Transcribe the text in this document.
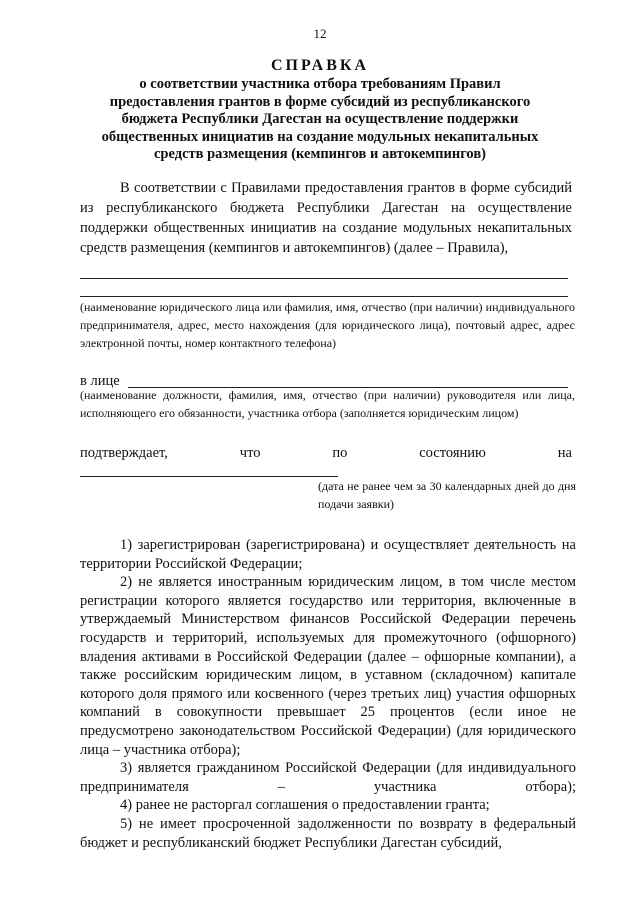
12
СПРАВКА
о соответствии участника отбора требованиям Правил
предоставления грантов в форме субсидий из республиканского
бюджета Республики Дагестан на осуществление поддержки
общественных инициатив на создание модульных некапитальных
средств размещения (кемпингов и автокемпингов)
В соответствии с Правилами предоставления грантов в форме субсидий из республиканского бюджета Республики Дагестан на осуществление поддержки общественных инициатив на создание модульных некапитальных средств размещения (кемпингов и автокемпингов) (далее – Правила),
(наименование юридического лица или фамилия, имя, отчество (при наличии) индивидуального предпринимателя, адрес, место нахождения (для юридического лица), почтовый адрес, адрес электронной почты, номер контактного телефона)
в лице
(наименование должности, фамилия, имя, отчество (при наличии) руководителя или лица, исполняющего его обязанности, участника отбора (заполняется юридическим лицом)
подтверждает,	что	по	состоянию	на
(дата не ранее чем за 30 календарных дней до дня подачи заявки)

1) зарегистрирован (зарегистрирована) и осуществляет деятельность на территории Российской Федерации;

2) не является иностранным юридическим лицом, в том числе местом регистрации которого является государство или территория, включенные в утверждаемый Министерством финансов Российской Федерации перечень государств и территорий, используемых для промежуточного (офшорного) владения активами в Российской Федерации (далее – офшорные компании), а также российским юридическим лицом, в уставном (складочном) капитале которого доля прямого или косвенного (через третьих лиц) участия офшорных компаний в совокупности превышает 25 процентов (если иное не предусмотрено законодательством Российской Федерации) (для юридического лица – участника отбора);

3) является гражданином Российской Федерации (для индивидуального предпринимателя – участника отбора);

4) ранее не расторгал соглашения о предоставлении гранта;

5) не имеет просроченной задолженности по возврату в федеральный бюджет и республиканский бюджет Республики Дагестан субсидий,
